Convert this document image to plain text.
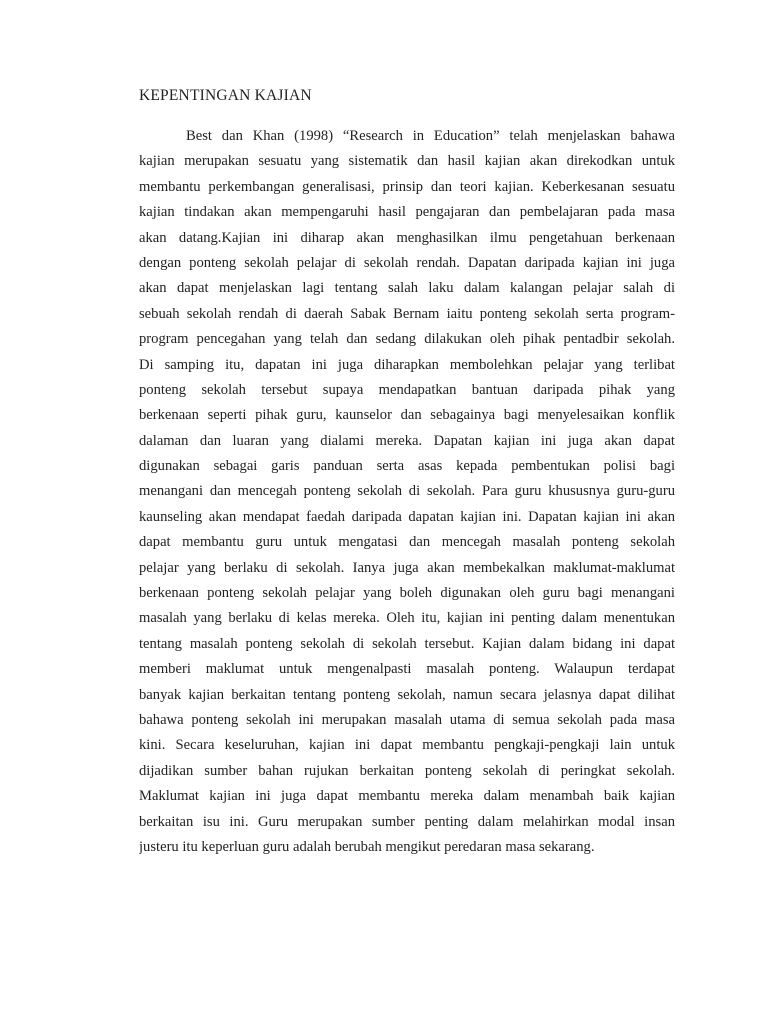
KEPENTINGAN KAJIAN
Best dan Khan (1998) “Research in Education” telah menjelaskan bahawa
kajian merupakan sesuatu yang sistematik dan hasil kajian akan direkodkan untuk
membantu perkembangan generalisasi, prinsip dan teori kajian. Keberkesanan sesuatu
kajian tindakan akan mempengaruhi hasil pengajaran dan pembelajaran pada masa
akan datang.Kajian ini diharap akan menghasilkan ilmu pengetahuan berkenaan
dengan ponteng sekolah pelajar di sekolah rendah. Dapatan daripada kajian ini juga
akan dapat menjelaskan lagi tentang salah laku dalam kalangan pelajar salah di
sebuah sekolah rendah di daerah Sabak Bernam iaitu ponteng sekolah serta program-
program pencegahan yang telah dan sedang dilakukan oleh pihak pentadbir sekolah.
Di samping itu, dapatan ini juga diharapkan membolehkan pelajar yang terlibat
ponteng sekolah tersebut supaya mendapatkan bantuan daripada pihak yang
berkenaan seperti pihak guru, kaunselor dan sebagainya bagi menyelesaikan konflik
dalaman dan luaran yang dialami mereka. Dapatan kajian ini juga akan dapat
digunakan sebagai garis panduan serta asas kepada pembentukan polisi bagi
menangani dan mencegah ponteng sekolah di sekolah. Para guru khususnya guru-guru
kaunseling akan mendapat faedah daripada dapatan kajian ini. Dapatan kajian ini akan
dapat membantu guru untuk mengatasi dan mencegah masalah ponteng sekolah
pelajar yang berlaku di sekolah. Ianya juga akan membekalkan maklumat-maklumat
berkenaan ponteng sekolah pelajar yang boleh digunakan oleh guru bagi menangani
masalah yang berlaku di kelas mereka. Oleh itu, kajian ini penting dalam menentukan
tentang masalah ponteng sekolah di sekolah tersebut. Kajian dalam bidang ini dapat
memberi maklumat untuk mengenalpasti masalah ponteng. Walaupun terdapat
banyak kajian berkaitan tentang ponteng sekolah, namun secara jelasnya dapat dilihat
bahawa ponteng sekolah ini merupakan masalah utama di semua sekolah pada masa
kini. Secara keseluruhan, kajian ini dapat membantu pengkaji-pengkaji lain untuk
dijadikan sumber bahan rujukan berkaitan ponteng sekolah di peringkat sekolah.
Maklumat kajian ini juga dapat membantu mereka dalam menambah baik kajian
berkaitan isu ini. Guru merupakan sumber penting dalam melahirkan modal insan
justeru itu keperluan guru adalah berubah mengikut peredaran masa sekarang.
